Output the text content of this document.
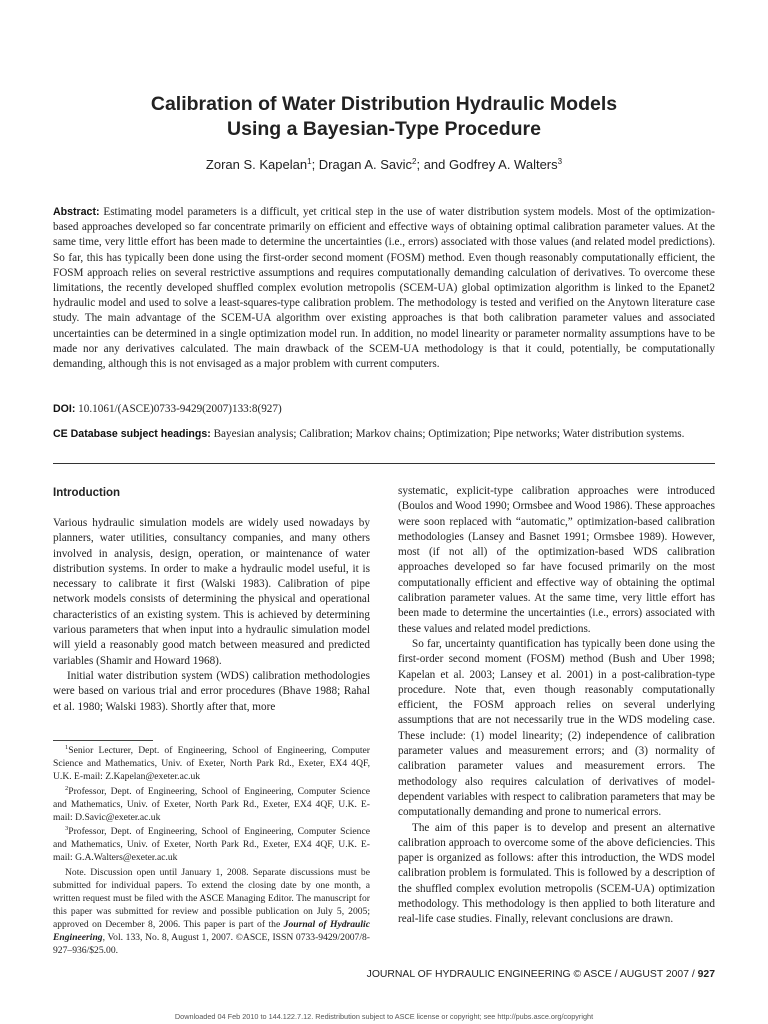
Calibration of Water Distribution Hydraulic Models
Using a Bayesian-Type Procedure
Zoran S. Kapelan$^1$; Dragan A. Savic$^2$; and Godfrey A. Walters$^3$
Abstract: Estimating model parameters is a difficult, yet critical step in the use of water distribution system models. Most of the optimization-based approaches developed so far concentrate primarily on efficient and effective ways of obtaining optimal calibration parameter values. At the same time, very little effort has been made to determine the uncertainties (i.e., errors) associated with those values (and related model predictions). So far, this has typically been done using the first-order second moment (FOSM) method. Even though reasonably computationally efficient, the FOSM approach relies on several restrictive assumptions and requires computationally demanding calculation of derivatives. To overcome these limitations, the recently developed shuffled complex evolution metropolis (SCEM-UA) global optimization algorithm is linked to the Epanet2 hydraulic model and used to solve a least-squares-type calibration problem. The methodology is tested and verified on the Anytown literature case study. The main advantage of the SCEM-UA algorithm over existing approaches is that both calibration parameter values and associated uncertainties can be determined in a single optimization model run. In addition, no model linearity or parameter normality assumptions have to be made nor any derivatives calculated. The main drawback of the SCEM-UA methodology is that it could, potentially, be computationally demanding, although this is not envisaged as a major problem with current computers.
DOI: 10.1061/(ASCE)0733-9429(2007)133:8(927)
CE Database subject headings: Bayesian analysis; Calibration; Markov chains; Optimization; Pipe networks; Water distribution systems.

Introduction

Various hydraulic simulation models are widely used nowadays by planners, water utilities, consultancy companies, and many others involved in analysis, design, operation, or maintenance of water distribution systems. In order to make a hydraulic model useful, it is necessary to calibrate it first (Walski 1983). Calibration of pipe network models consists of determining the physical and operational characteristics of an existing system. This is achieved by determining various parameters that when input into a hydraulic simulation model will yield a reasonably good match between measured and predicted variables (Shamir and Howard 1968).

Initial water distribution system (WDS) calibration methodologies were based on various trial and error procedures (Bhave 1988; Rahal et al. 1980; Walski 1983). Shortly after that, more

$^1$Senior Lecturer, Dept. of Engineering, School of Engineering, Computer Science and Mathematics, Univ. of Exeter, North Park Rd., Exeter, EX4 4QF, U.K. E-mail: Z.Kapelan@exeter.ac.uk

$^2$Professor, Dept. of Engineering, School of Engineering, Computer Science and Mathematics, Univ. of Exeter, North Park Rd., Exeter, EX4 4QF, U.K. E-mail: D.Savic@exeter.ac.uk

$^3$Professor, Dept. of Engineering, School of Engineering, Computer Science and Mathematics, Univ. of Exeter, North Park Rd., Exeter, EX4 4QF, U.K. E-mail: G.A.Walters@exeter.ac.uk

Note. Discussion open until January 1, 2008. Separate discussions must be submitted for individual papers. To extend the closing date by one month, a written request must be filed with the ASCE Managing Editor. The manuscript for this paper was submitted for review and possible publication on July 5, 2005; approved on December 8, 2006. This paper is part of the Journal of Hydraulic Engineering, Vol. 133, No. 8, August 1, 2007. ©ASCE, ISSN 0733-9429/2007/8-927–936/$25.00.

systematic, explicit-type calibration approaches were introduced (Boulos and Wood 1990; Ormsbee and Wood 1986). These approaches were soon replaced with “automatic,” optimization-based calibration methodologies (Lansey and Basnet 1991; Ormsbee 1989). However, most (if not all) of the optimization-based WDS calibration approaches developed so far have focused primarily on the most computationally efficient and effective way of obtaining the optimal calibration parameter values. At the same time, very little effort has been made to determine the uncertainties (i.e., errors) associated with these values and related model predictions.

So far, uncertainty quantification has typically been done using the first-order second moment (FOSM) method (Bush and Uber 1998; Kapelan et al. 2003; Lansey et al. 2001) in a post-calibration-type procedure. Note that, even though reasonably computationally efficient, the FOSM approach relies on several underlying assumptions that are not necessarily true in the WDS modeling case. These include: (1) model linearity; (2) independence of calibration parameter values and measurement errors; and (3) normality of calibration parameter values and measurement errors. The methodology also requires calculation of derivatives of model-dependent variables with respect to calibration parameters that may be computationally demanding and prone to numerical errors.

The aim of this paper is to develop and present an alternative calibration approach to overcome some of the above deficiencies. This paper is organized as follows: after this introduction, the WDS model calibration problem is formulated. This is followed by a description of the shuffled complex evolution metropolis (SCEM-UA) optimization methodology. This methodology is then applied to both literature and real-life case studies. Finally, relevant conclusions are drawn.

JOURNAL OF HYDRAULIC ENGINEERING © ASCE / AUGUST 2007 / 927
Downloaded 04 Feb 2010 to 144.122.7.12. Redistribution subject to ASCE license or copyright; see http://pubs.asce.org/copyright
